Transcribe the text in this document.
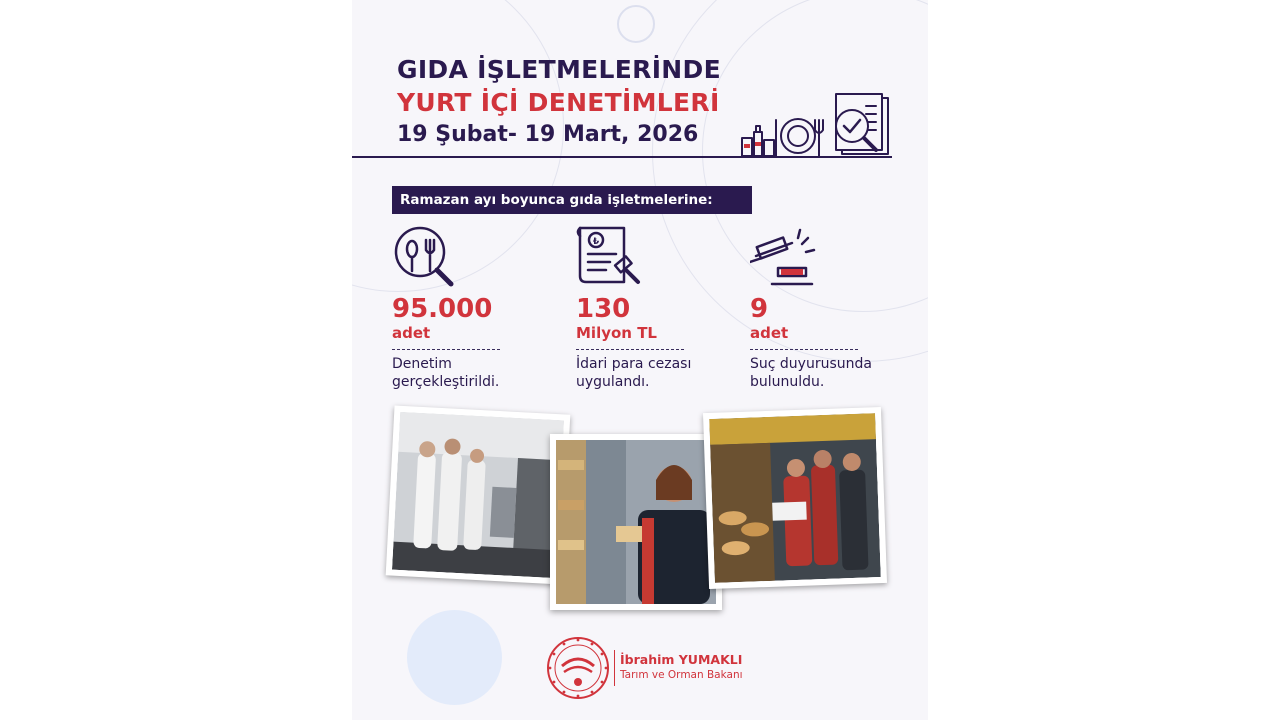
GIDA İŞLETMELERİNDE
YURT İÇİ DENETİMLERİ
19 Şubat- 19 Mart, 2026
Ramazan ayı boyunca gıda işletmelerine:
95.000
adet
Denetim gerçekleştirildi.
₺
130
Milyon TL
İdari para cezası uygulandı.
9
adet
Suç duyurusunda bulunuldu.
İbrahim YUMAKLI
Tarım ve Orman Bakanı
